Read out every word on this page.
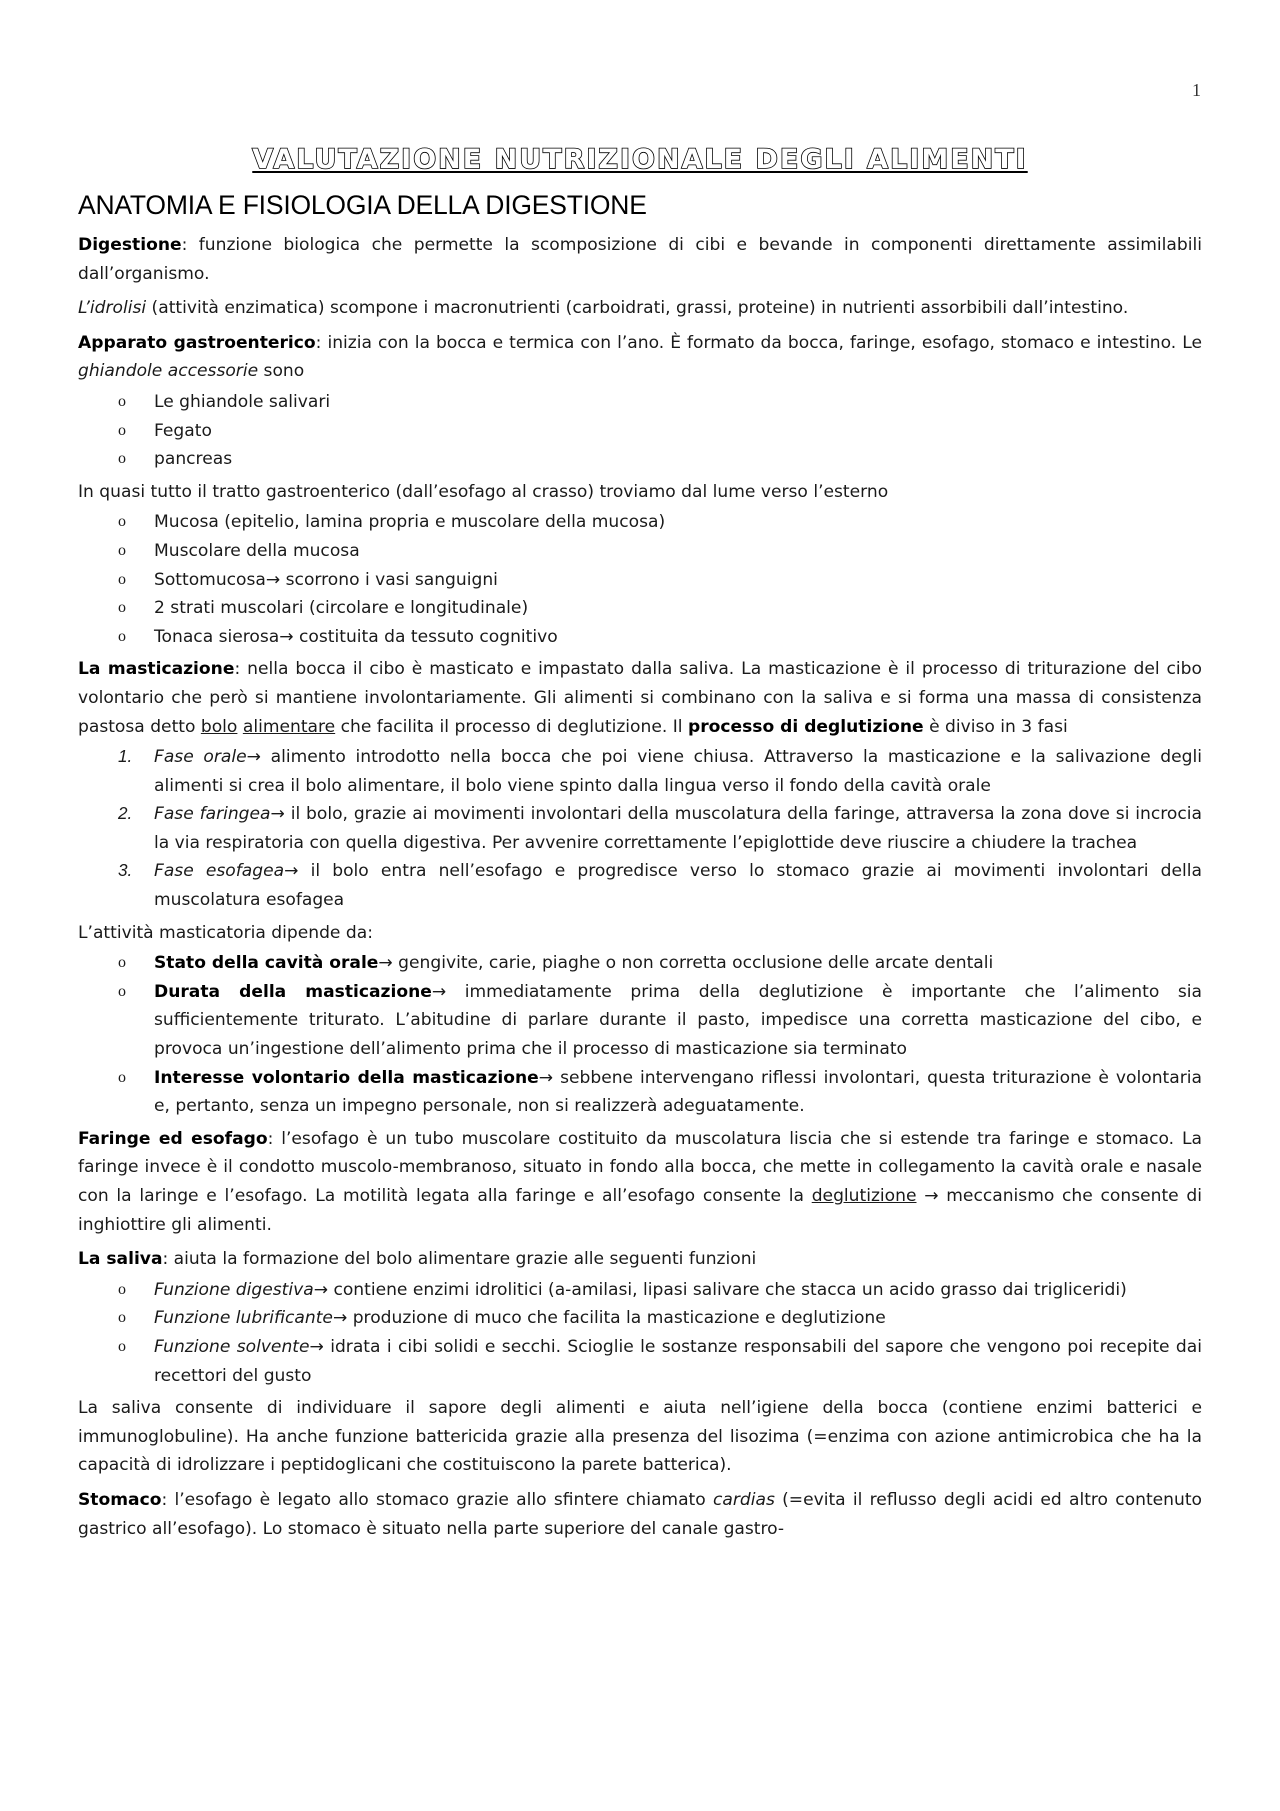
1
VALUTAZIONE NUTRIZIONALE DEGLI ALIMENTI
ANATOMIA E FISIOLOGIA DELLA DIGESTIONE

Digestione: funzione biologica che permette la scomposizione di cibi e bevande in componenti direttamente assimilabili dall’organismo.

L’idrolisi (attività enzimatica) scompone i macronutrienti (carboidrati, grassi, proteine) in nutrienti assorbibili dall’intestino.

Apparato gastroenterico: inizia con la bocca e termica con l’ano. È formato da bocca, faringe, esofago, stomaco e intestino. Le ghiandole accessorie sono

o Le ghiandole salivari
o Fegato
o pancreas

In quasi tutto il tratto gastroenterico (dall’esofago al crasso) troviamo dal lume verso l’esterno

o Mucosa (epitelio, lamina propria e muscolare della mucosa)
o Muscolare della mucosa
o Sottomucosa→ scorrono i vasi sanguigni
o 2 strati muscolari (circolare e longitudinale)
o Tonaca sierosa→ costituita da tessuto cognitivo

La masticazione: nella bocca il cibo è masticato e impastato dalla saliva. La masticazione è il processo di triturazione del cibo volontario che però si mantiene involontariamente. Gli alimenti si combinano con la saliva e si forma una massa di consistenza pastosa detto bolo alimentare che facilita il processo di deglutizione. Il processo di deglutizione è diviso in 3 fasi

1. Fase orale→ alimento introdotto nella bocca che poi viene chiusa. Attraverso la masticazione e la salivazione degli alimenti si crea il bolo alimentare, il bolo viene spinto dalla lingua verso il fondo della cavità orale
2. Fase faringea→ il bolo, grazie ai movimenti involontari della muscolatura della faringe, attraversa la zona dove si incrocia la via respiratoria con quella digestiva. Per avvenire correttamente l’epiglottide deve riuscire a chiudere la trachea
3. Fase esofagea→ il bolo entra nell’esofago e progredisce verso lo stomaco grazie ai movimenti involontari della muscolatura esofagea

L’attività masticatoria dipende da:

o Stato della cavità orale→ gengivite, carie, piaghe o non corretta occlusione delle arcate dentali
o Durata della masticazione→ immediatamente prima della deglutizione è importante che l’alimento sia sufficientemente triturato. L’abitudine di parlare durante il pasto, impedisce una corretta masticazione del cibo, e provoca un’ingestione dell’alimento prima che il processo di masticazione sia terminato
o Interesse volontario della masticazione→ sebbene intervengano riflessi involontari, questa triturazione è volontaria e, pertanto, senza un impegno personale, non si realizzerà adeguatamente.

Faringe ed esofago: l’esofago è un tubo muscolare costituito da muscolatura liscia che si estende tra faringe e stomaco. La faringe invece è il condotto muscolo-membranoso, situato in fondo alla bocca, che mette in collegamento la cavità orale e nasale con la laringe e l’esofago. La motilità legata alla faringe e all’esofago consente la deglutizione → meccanismo che consente di inghiottire gli alimenti.

La saliva: aiuta la formazione del bolo alimentare grazie alle seguenti funzioni

o Funzione digestiva→ contiene enzimi idrolitici (a-amilasi, lipasi salivare che stacca un acido grasso dai trigliceridi)
o Funzione lubrificante→ produzione di muco che facilita la masticazione e deglutizione
o Funzione solvente→ idrata i cibi solidi e secchi. Scioglie le sostanze responsabili del sapore che vengono poi recepite dai recettori del gusto

La saliva consente di individuare il sapore degli alimenti e aiuta nell’igiene della bocca (contiene enzimi batterici e immunoglobuline). Ha anche funzione battericida grazie alla presenza del lisozima (=enzima con azione antimicrobica che ha la capacità di idrolizzare i peptidoglicani che costituiscono la parete batterica).

Stomaco: l’esofago è legato allo stomaco grazie allo sfintere chiamato cardias (=evita il reflusso degli acidi ed altro contenuto gastrico all’esofago). Lo stomaco è situato nella parte superiore del canale gastro-
